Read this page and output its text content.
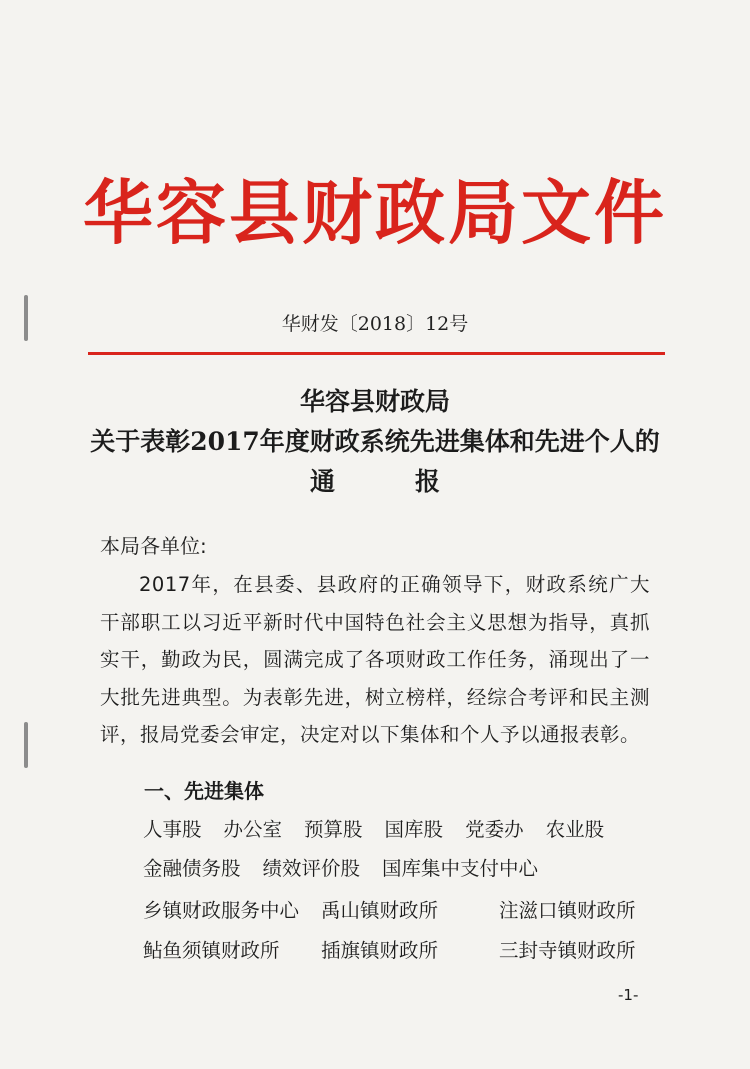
华容县财政局文件
华财发〔2018〕12号
华容县财政局
关于表彰2017年度财政系统先进集体和先进个人的
通报
本局各单位:
2017年，在县委、县政府的正确领导下，财政系统广大干部职工以习近平新时代中国特色社会主义思想为指导，真抓实干，勤政为民，圆满完成了各项财政工作任务，涌现出了一大批先进典型。为表彰先进，树立榜样，经综合考评和民主测评，报局党委会审定，决定对以下集体和个人予以通报表彰。
一、先进集体
人事股 办公室 预算股 国库股 党委办 农业股
金融债务股 绩效评价股 国库集中支付中心
乡镇财政服务中心 禹山镇财政所	注滋口镇财政所
鲇鱼须镇财政所 插旗镇财政所	三封寺镇财政所
-1-
